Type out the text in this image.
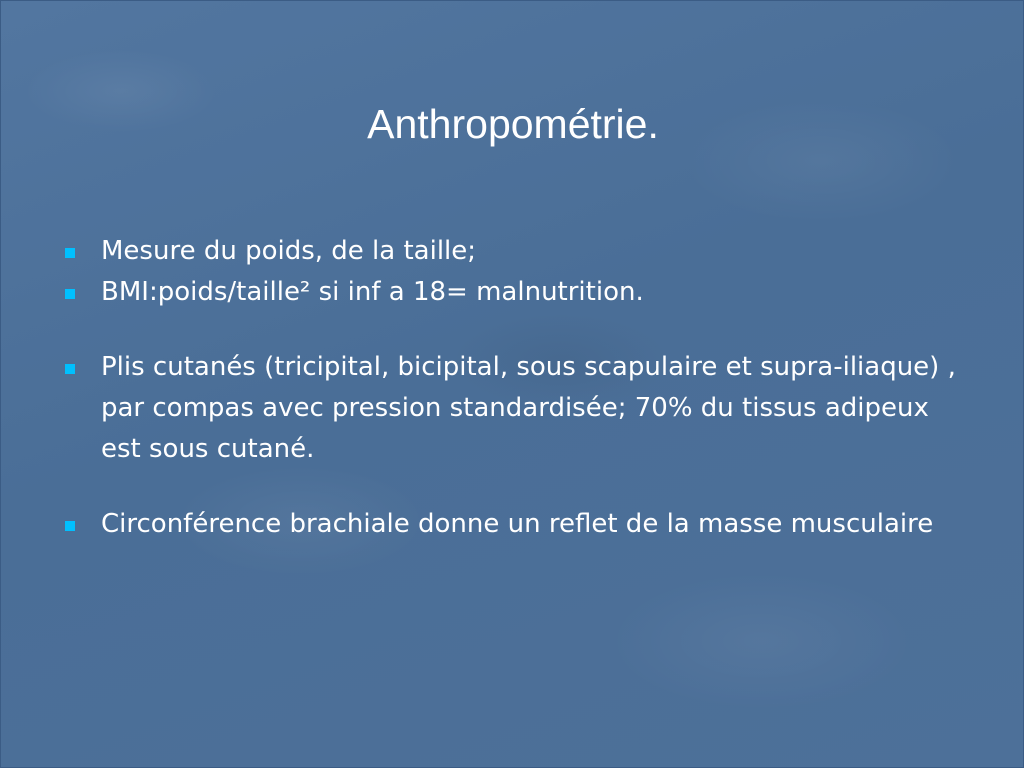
Anthropométrie.
Mesure du poids, de la taille;
BMI:poids/taille² si inf a 18= malnutrition.
Plis cutanés (tricipital, bicipital, sous scapulaire et supra-iliaque) , par compas avec pression standardisée; 70% du tissus adipeux est sous cutané.
Circonférence brachiale donne un reflet de la masse musculaire
